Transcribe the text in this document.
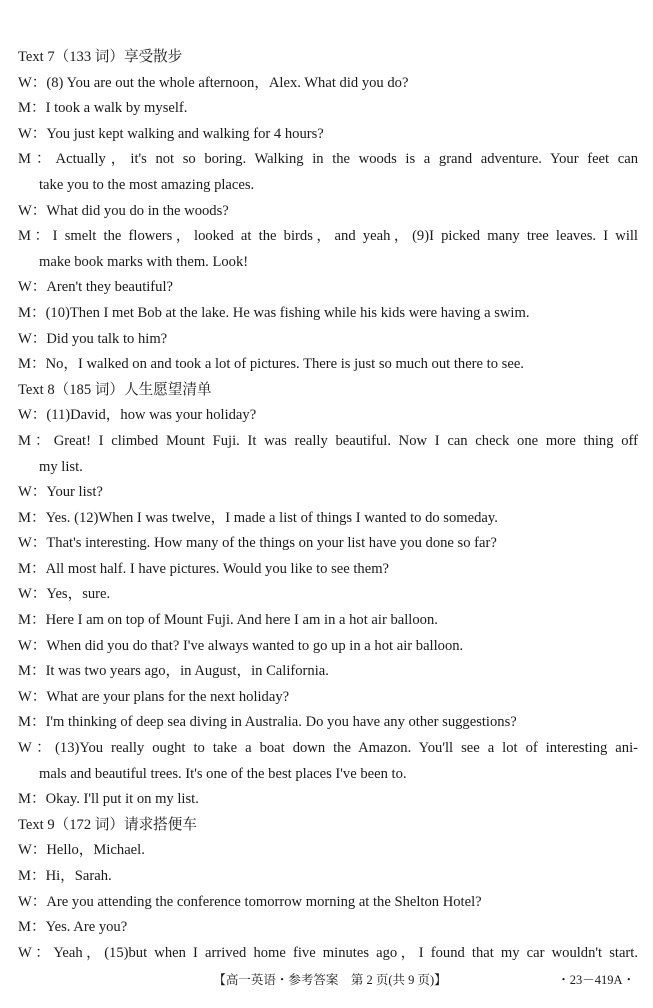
Text 7（133 词）享受散步
W：(8) You are out the whole afternoon，Alex. What did you do?
M：I took a walk by myself.
W：You just kept walking and walking for 4 hours?
M：Actually，it's not so boring. Walking in the woods is a grand adventure. Your feet can
take you to the most amazing places.
W：What did you do in the woods?
M：I smelt the flowers，looked at the birds，and yeah，(9)I picked many tree leaves. I will
make book marks with them. Look!
W：Aren't they beautiful?
M：(10)Then I met Bob at the lake. He was fishing while his kids were having a swim.
W：Did you talk to him?
M：No，I walked on and took a lot of pictures. There is just so much out there to see.
Text 8（185 词）人生愿望清单
W：(11)David，how was your holiday?
M：Great! I climbed Mount Fuji. It was really beautiful. Now I can check one more thing off
my list.
W：Your list?
M：Yes. (12)When I was twelve，I made a list of things I wanted to do someday.
W：That's interesting. How many of the things on your list have you done so far?
M：All most half. I have pictures. Would you like to see them?
W：Yes，sure.
M：Here I am on top of Mount Fuji. And here I am in a hot air balloon.
W：When did you do that? I've always wanted to go up in a hot air balloon.
M：It was two years ago，in August，in California.
W：What are your plans for the next holiday?
M：I'm thinking of deep sea diving in Australia. Do you have any other suggestions?
W：(13)You really ought to take a boat down the Amazon. You'll see a lot of interesting ani-
mals and beautiful trees. It's one of the best places I've been to.
M：Okay. I'll put it on my list.
Text 9（172 词）请求搭便车
W：Hello，Michael.
M：Hi，Sarah.
W：Are you attending the conference tomorrow morning at the Shelton Hotel?
M：Yes. Are you?
W：Yeah，(15)but when I arrived home five minutes ago，I found that my car wouldn't start.
【高一英语・参考答案　第 2 页(共 9 页)】	・23－419A・
